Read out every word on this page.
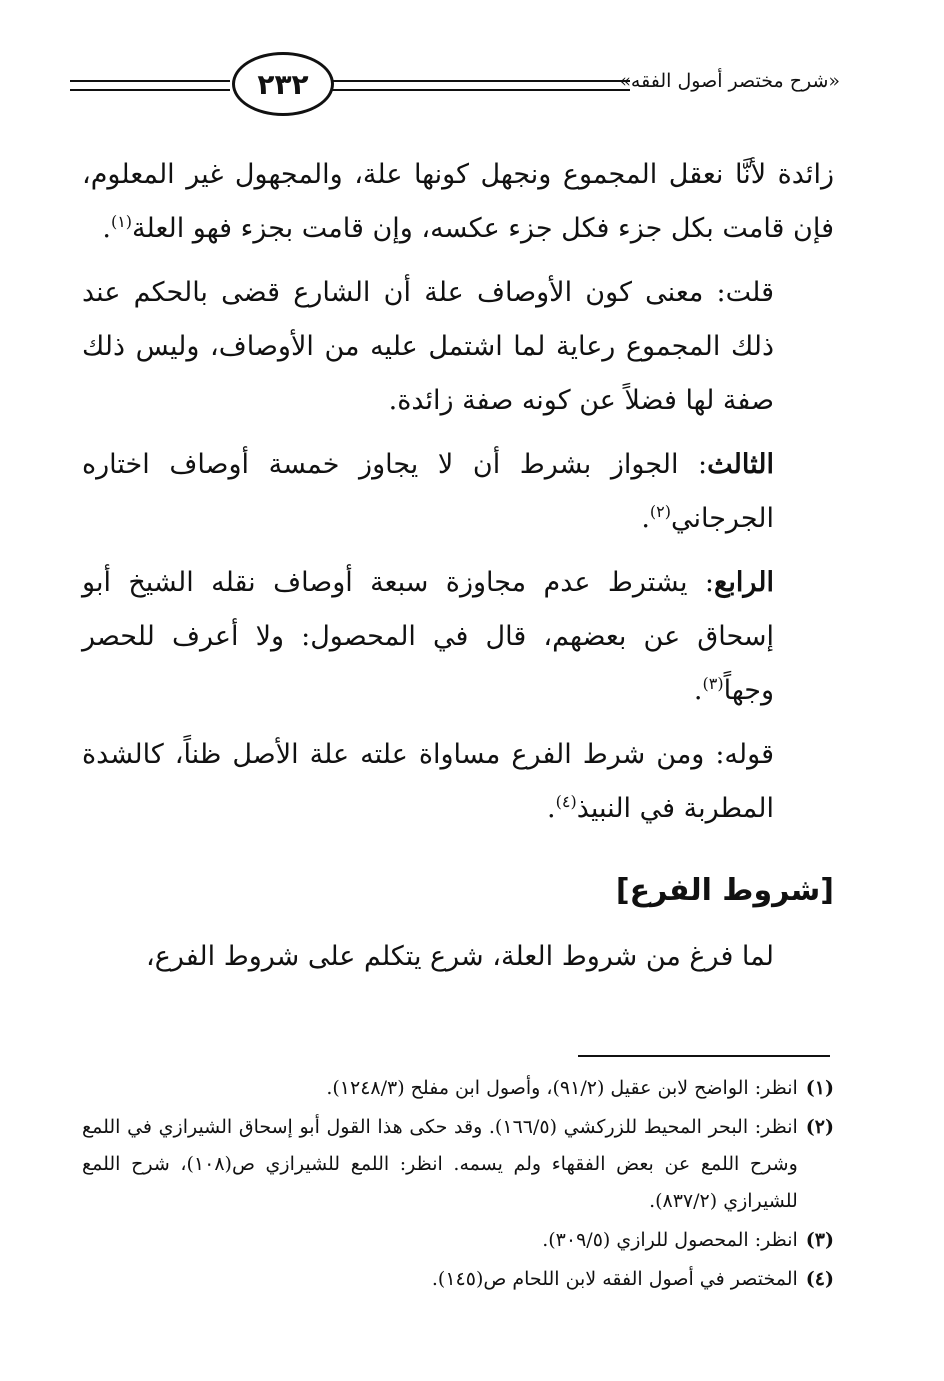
٢٣٢	«شرح مختصر أصول الفقه»

زائدة لأنَّا نعقل المجموع ونجهل كونها علة، والمجهول غير المعلوم، فإن قامت بكل جزء فكل جزء عكسه، وإن قامت بجزء فهو العلة$^{(١)}$.

قلت: معنى كون الأوصاف علة أن الشارع قضى بالحكم عند ذلك المجموع رعاية لما اشتمل عليه من الأوصاف، وليس ذلك صفة لها فضلاً عن كونه صفة زائدة.

الثالث: الجواز بشرط أن لا يجاوز خمسة أوصاف اختاره الجرجاني$^{(٢)}$.

الرابع: يشترط عدم مجاوزة سبعة أوصاف نقله الشيخ أبو إسحاق عن بعضهم، قال في المحصول: ولا أعرف للحصر وجهاً$^{(٣)}$.

قوله: ومن شرط الفرع مساواة علته علة الأصل ظناً، كالشدة المطربة في النبيذ$^{(٤)}$.

[شروط الفرع]

لما فرغ من شروط العلة، شرع يتكلم على شروط الفرع،

(١)
انظر: الواضح لابن عقيل (٩١/٢)، وأصول ابن مفلح (١٢٤٨/٣).
(٢)
انظر: البحر المحيط للزركشي (١٦٦/٥). وقد حكى هذا القول أبو إسحاق الشيرازي في اللمع وشرح اللمع عن بعض الفقهاء ولم يسمه. انظر: اللمع للشيرازي ص(١٠٨)، شرح اللمع للشيرازي (٨٣٧/٢).
(٣)
انظر: المحصول للرازي (٣٠٩/٥).
(٤)
المختصر في أصول الفقه لابن اللحام ص(١٤٥).
